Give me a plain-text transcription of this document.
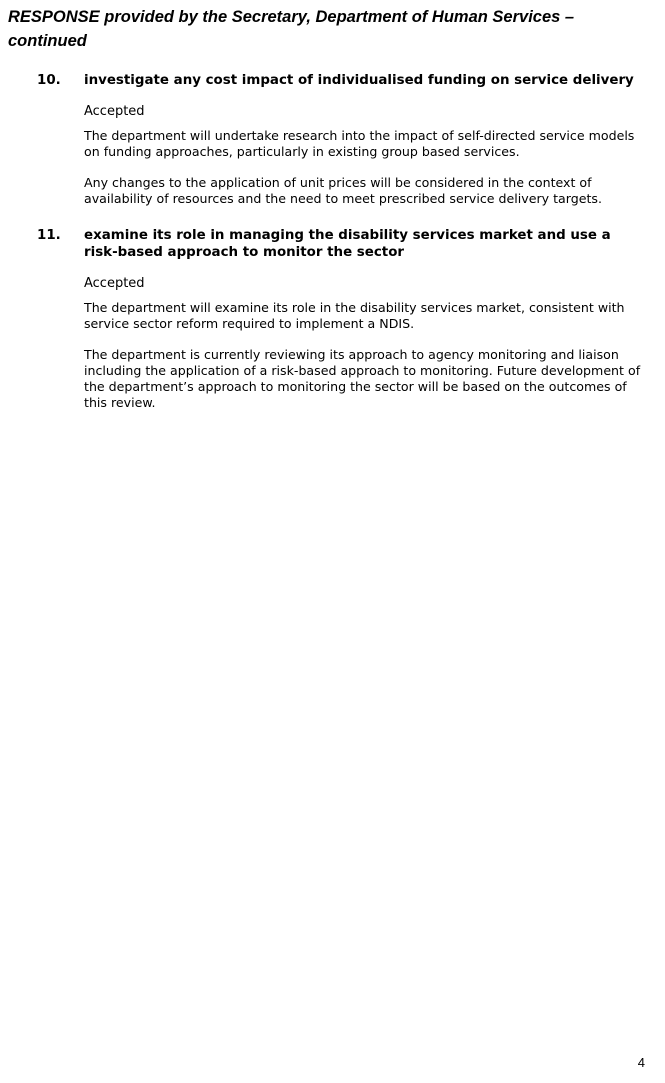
RESPONSE provided by the Secretary, Department of Human Services – continued
10.	investigate any cost impact of individualised funding on service delivery

Accepted

The department will undertake research into the impact of self-directed service models on funding approaches, particularly in existing group based services.

Any changes to the application of unit prices will be considered in the context of availability of resources and the need to meet prescribed service delivery targets.

11.	examine its role in managing the disability services market and use a risk-based approach to monitor the sector

Accepted

The department will examine its role in the disability services market, consistent with service sector reform required to implement a NDIS.

The department is currently reviewing its approach to agency monitoring and liaison including the application of a risk-based approach to monitoring. Future development of the department’s approach to monitoring the sector will be based on the outcomes of this review.

4
